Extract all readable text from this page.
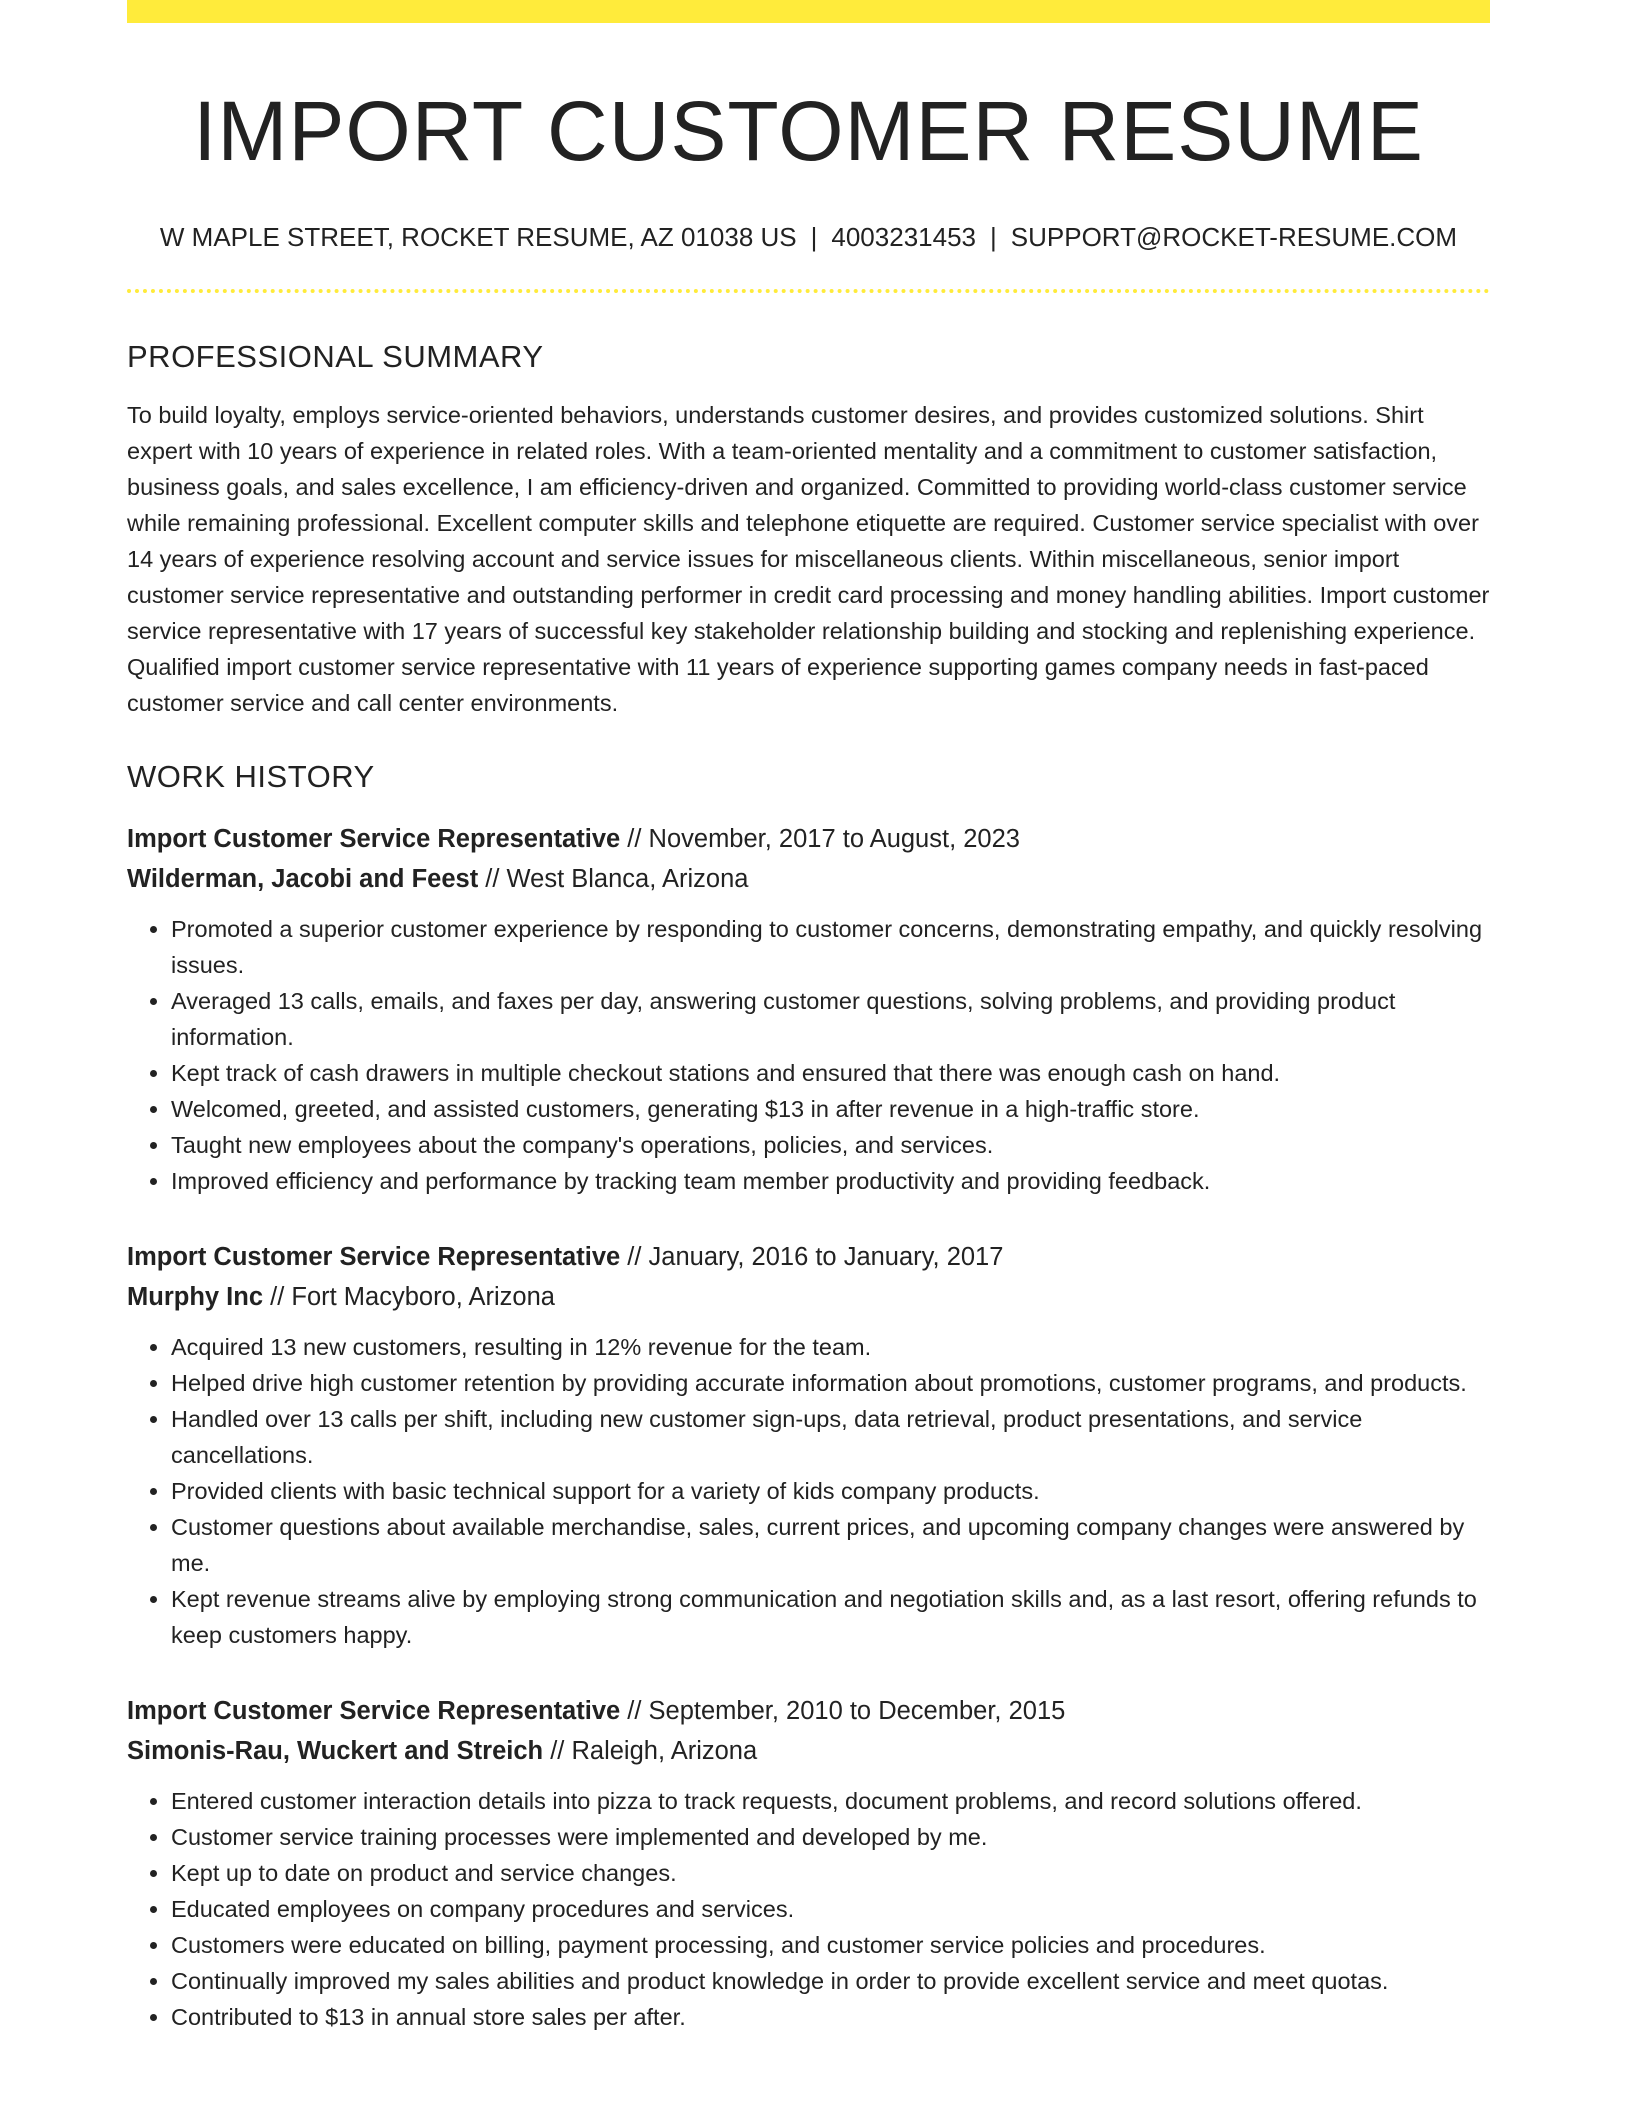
IMPORT CUSTOMER RESUME
W MAPLE STREET, ROCKET RESUME, AZ 01038 US | 4003231453 | SUPPORT@ROCKET-RESUME.COM
PROFESSIONAL SUMMARY

To build loyalty, employs service-oriented behaviors, understands customer desires, and provides customized solutions. Shirt expert with 10 years of experience in related roles. With a team-oriented mentality and a commitment to customer satisfaction, business goals, and sales excellence, I am efficiency-driven and organized. Committed to providing world-class customer service while remaining professional. Excellent computer skills and telephone etiquette are required. Customer service specialist with over 14 years of experience resolving account and service issues for miscellaneous clients. Within miscellaneous, senior import customer service representative and outstanding performer in credit card processing and money handling abilities. Import customer service representative with 17 years of successful key stakeholder relationship building and stocking and replenishing experience. Qualified import customer service representative with 11 years of experience supporting games company needs in fast-paced customer service and call center environments.

WORK HISTORY
Import Customer Service Representative // November, 2017 to August, 2023
Wilderman, Jacobi and Feest // West Blanca, Arizona
• Promoted a superior customer experience by responding to customer concerns, demonstrating empathy, and quickly resolving issues.
• Averaged 13 calls, emails, and faxes per day, answering customer questions, solving problems, and providing product information.
• Kept track of cash drawers in multiple checkout stations and ensured that there was enough cash on hand.
• Welcomed, greeted, and assisted customers, generating $13 in after revenue in a high-traffic store.
• Taught new employees about the company's operations, policies, and services.
• Improved efficiency and performance by tracking team member productivity and providing feedback.
Import Customer Service Representative // January, 2016 to January, 2017
Murphy Inc // Fort Macyboro, Arizona
• Acquired 13 new customers, resulting in 12% revenue for the team.
• Helped drive high customer retention by providing accurate information about promotions, customer programs, and products.
• Handled over 13 calls per shift, including new customer sign-ups, data retrieval, product presentations, and service cancellations.
• Provided clients with basic technical support for a variety of kids company products.
• Customer questions about available merchandise, sales, current prices, and upcoming company changes were answered by me.
• Kept revenue streams alive by employing strong communication and negotiation skills and, as a last resort, offering refunds to keep customers happy.
Import Customer Service Representative // September, 2010 to December, 2015
Simonis-Rau, Wuckert and Streich // Raleigh, Arizona
• Entered customer interaction details into pizza to track requests, document problems, and record solutions offered.
• Customer service training processes were implemented and developed by me.
• Kept up to date on product and service changes.
• Educated employees on company procedures and services.
• Customers were educated on billing, payment processing, and customer service policies and procedures.
• Continually improved my sales abilities and product knowledge in order to provide excellent service and meet quotas.
• Contributed to $13 in annual store sales per after.
